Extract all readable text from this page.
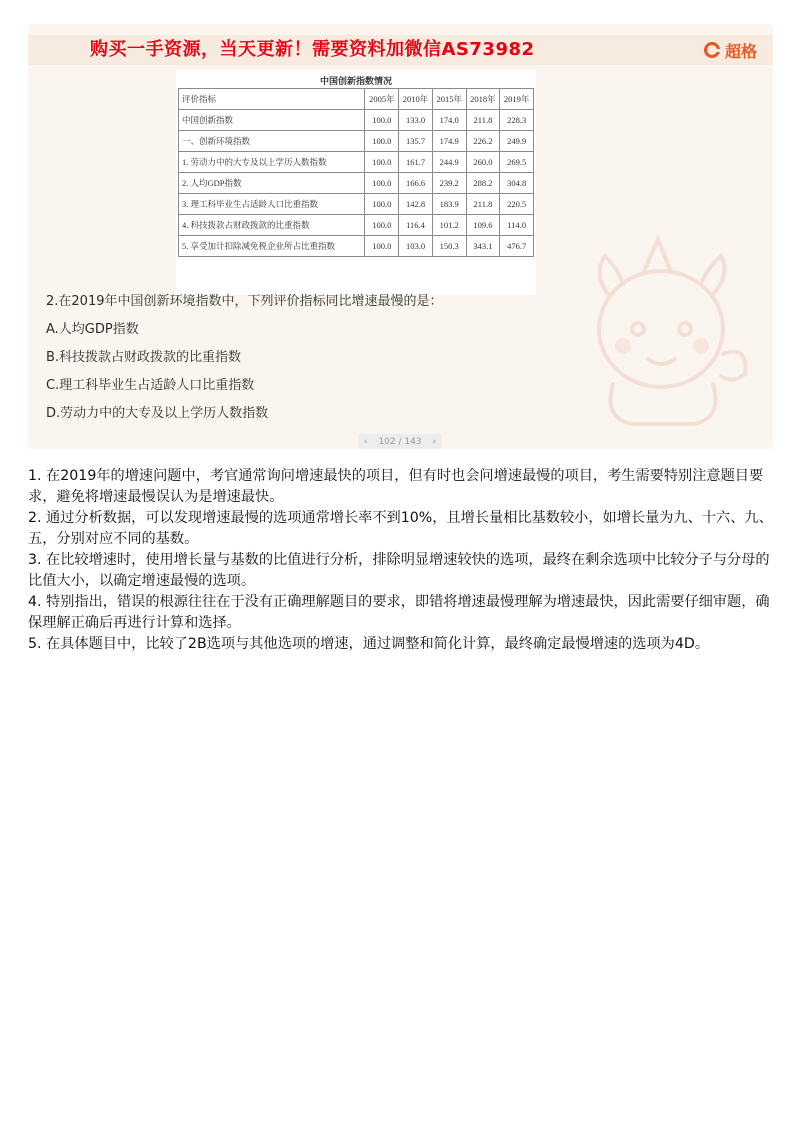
购买一手资源，当天更新！需要资料加微信AS73982	超格
中国创新指数情况
评价指标	2005年	2010年	2015年	2018年	2019年
中国创新指数	100.0	133.0	174.0	211.8	228.3
一、创新环境指数	100.0	135.7	174.9	226.2	249.9
1. 劳动力中的大专及以上学历人数指数	100.0	161.7	244.9	260.0	269.5
2. 人均GDP指数	100.0	166.6	239.2	288.2	304.8
3. 理工科毕业生占适龄人口比重指数	100.0	142.8	183.9	211.8	220.5
4. 科技拨款占财政拨款的比重指数	100.0	116.4	101.2	109.6	114.0
5. 享受加计扣除减免税企业所占比重指数	100.0	103.0	150.3	343.1	476.7
2.在2019年中国创新环境指数中，下列评价指标同比增速最慢的是：
A.人均GDP指数
B.科技拨款占财政拨款的比重指数
C.理工科毕业生占适龄人口比重指数
D.劳动力中的大专及以上学历人数指数
‹ 102 / 143 ›

1. 在2019年的增速问题中，考官通常询问增速最快的项目，但有时也会问增速最慢的项目，考生需要特别注意题目要求，避免将增速最慢误认为是增速最快。

2. 通过分析数据，可以发现增速最慢的选项通常增长率不到10%，且增长量相比基数较小，如增长量为九、十六、九、五，分别对应不同的基数。

3. 在比较增速时，使用增长量与基数的比值进行分析，排除明显增速较快的选项，最终在剩余选项中比较分子与分母的比值大小，以确定增速最慢的选项。

4. 特别指出，错误的根源往往在于没有正确理解题目的要求，即错将增速最慢理解为增速最快，因此需要仔细审题，确保理解正确后再进行计算和选择。

5. 在具体题目中，比较了2B选项与其他选项的增速，通过调整和简化计算，最终确定最慢增速的选项为4D。
